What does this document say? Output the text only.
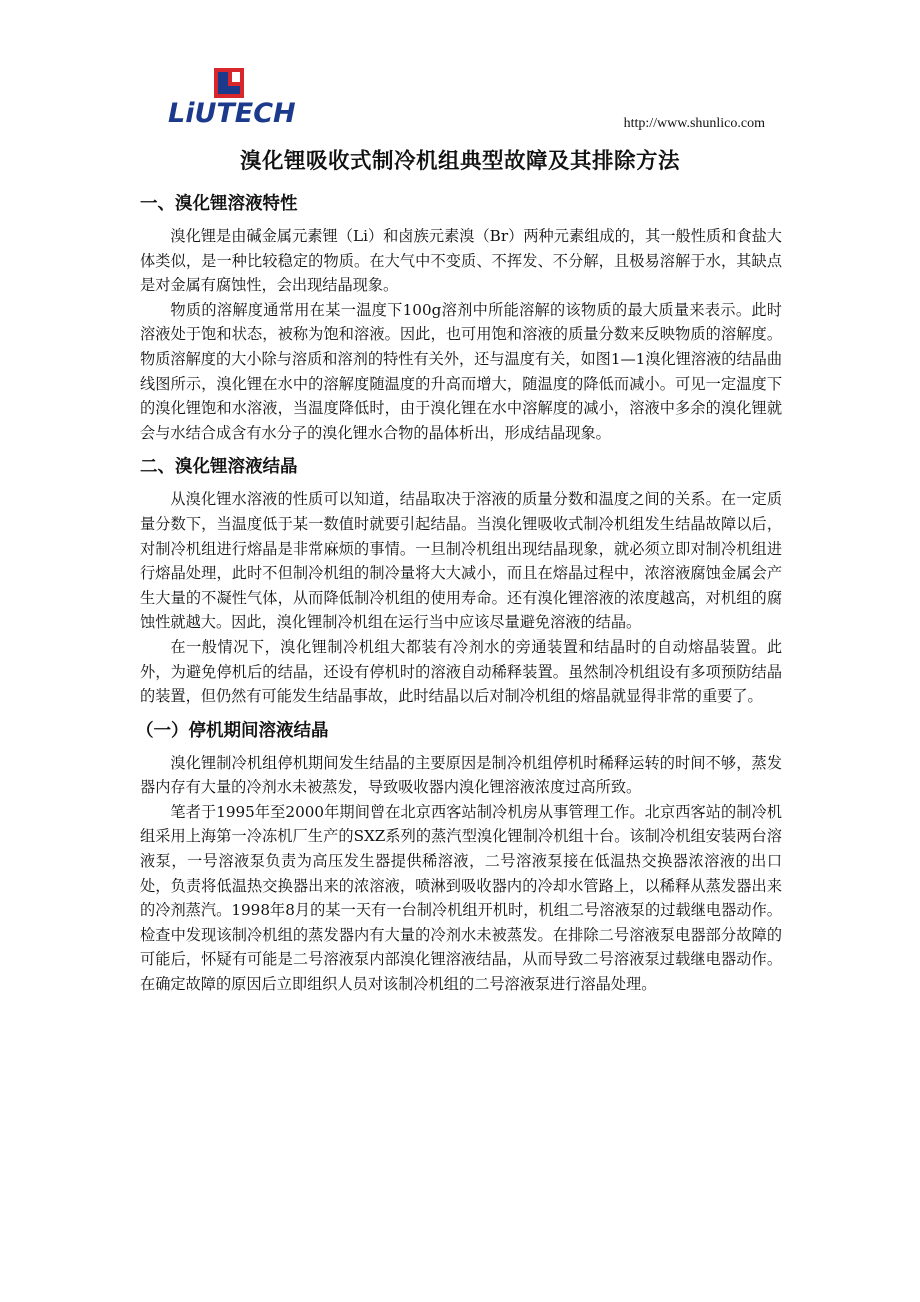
LiUTECH	http://www.shunlico.com
溴化锂吸收式制冷机组典型故障及其排除方法
一、溴化锂溶液特性

溴化锂是由碱金属元素锂（Li）和卤族元素溴（Br）两种元素组成的，其一般性质和食盐大体类似，是一种比较稳定的物质。在大气中不变质、不挥发、不分解，且极易溶解于水，其缺点是对金属有腐蚀性，会出现结晶现象。

物质的溶解度通常用在某一温度下100g溶剂中所能溶解的该物质的最大质量来表示。此时溶液处于饱和状态，被称为饱和溶液。因此，也可用饱和溶液的质量分数来反映物质的溶解度。物质溶解度的大小除与溶质和溶剂的特性有关外，还与温度有关，如图1—1溴化锂溶液的结晶曲线图所示，溴化锂在水中的溶解度随温度的升高而增大，随温度的降低而减小。可见一定温度下的溴化锂饱和水溶液，当温度降低时，由于溴化锂在水中溶解度的减小，溶液中多余的溴化锂就会与水结合成含有水分子的溴化锂水合物的晶体析出，形成结晶现象。

二、溴化锂溶液结晶

从溴化锂水溶液的性质可以知道，结晶取决于溶液的质量分数和温度之间的关系。在一定质量分数下，当温度低于某一数值时就要引起结晶。当溴化锂吸收式制冷机组发生结晶故障以后，对制冷机组进行熔晶是非常麻烦的事情。一旦制冷机组出现结晶现象，就必须立即对制冷机组进行熔晶处理，此时不但制冷机组的制冷量将大大减小，而且在熔晶过程中，浓溶液腐蚀金属会产生大量的不凝性气体，从而降低制冷机组的使用寿命。还有溴化锂溶液的浓度越高，对机组的腐蚀性就越大。因此，溴化锂制冷机组在运行当中应该尽量避免溶液的结晶。

在一般情况下，溴化锂制冷机组大都装有冷剂水的旁通装置和结晶时的自动熔晶装置。此外，为避免停机后的结晶，还设有停机时的溶液自动稀释装置。虽然制冷机组设有多项预防结晶的装置，但仍然有可能发生结晶事故，此时结晶以后对制冷机组的熔晶就显得非常的重要了。

（一）停机期间溶液结晶

溴化锂制冷机组停机期间发生结晶的主要原因是制冷机组停机时稀释运转的时间不够，蒸发器内存有大量的冷剂水未被蒸发，导致吸收器内溴化锂溶液浓度过高所致。

笔者于1995年至2000年期间曾在北京西客站制冷机房从事管理工作。北京西客站的制冷机组采用上海第一冷冻机厂生产的SXZ系列的蒸汽型溴化锂制冷机组十台。该制冷机组安装两台溶液泵，一号溶液泵负责为高压发生器提供稀溶液，二号溶液泵接在低温热交换器浓溶液的出口处，负责将低温热交换器出来的浓溶液，喷淋到吸收器内的冷却水管路上，以稀释从蒸发器出来的冷剂蒸汽。1998年8月的某一天有一台制冷机组开机时，机组二号溶液泵的过载继电器动作。检查中发现该制冷机组的蒸发器内有大量的冷剂水未被蒸发。在排除二号溶液泵电器部分故障的可能后，怀疑有可能是二号溶液泵内部溴化锂溶液结晶，从而导致二号溶液泵过载继电器动作。在确定故障的原因后立即组织人员对该制冷机组的二号溶液泵进行溶晶处理。
